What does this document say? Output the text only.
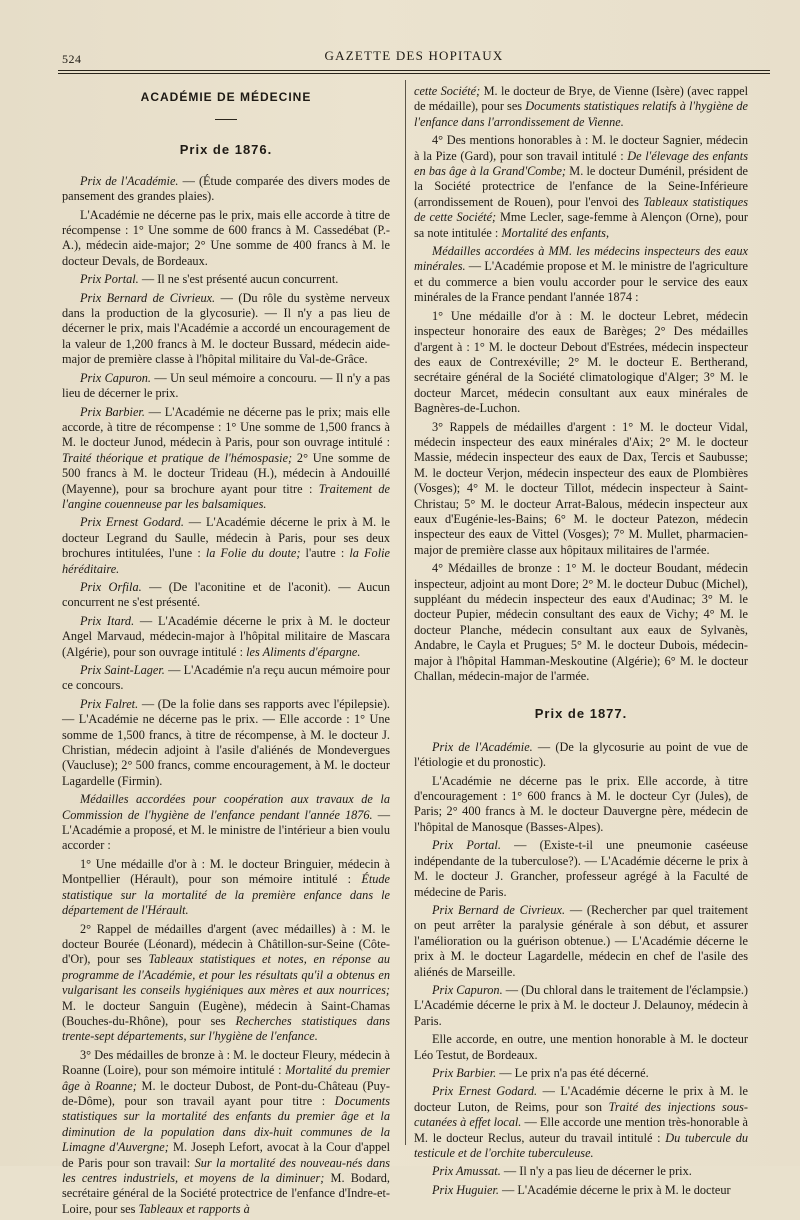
524	GAZETTE DES HOPITAUX
ACADÉMIE DE MÉDECINE
Prix de 1876.

Prix de l'Académie. — (Étude comparée des divers modes de pansement des grandes plaies).

L'Académie ne décerne pas le prix, mais elle accorde à titre de récompense : 1° Une somme de 600 francs à M. Cassedébat (P.-A.), médecin aide-major; 2° Une somme de 400 francs à M. le docteur Devals, de Bordeaux.

Prix Portal. — Il ne s'est présenté aucun concurrent.

Prix Bernard de Civrieux. — (Du rôle du système nerveux dans la production de la glycosurie). — Il n'y a pas lieu de décerner le prix, mais l'Académie a accordé un encouragement de la valeur de 1,200 francs à M. le docteur Bussard, médecin aide-major de première classe à l'hôpital militaire du Val-de-Grâce.

Prix Capuron. — Un seul mémoire a concouru. — Il n'y a pas lieu de décerner le prix.

Prix Barbier. — L'Académie ne décerne pas le prix; mais elle accorde, à titre de récompense : 1° Une somme de 1,500 francs à M. le docteur Junod, médecin à Paris, pour son ouvrage intitulé : Traité théorique et pratique de l'hémospasie; 2° Une somme de 500 francs à M. le docteur Trideau (H.), médecin à Andouillé (Mayenne), pour sa brochure ayant pour titre : Traitement de l'angine couenneuse par les balsamiques.

Prix Ernest Godard. — L'Académie décerne le prix à M. le docteur Legrand du Saulle, médecin à Paris, pour ses deux brochures intitulées, l'une : la Folie du doute; l'autre : la Folie héréditaire.

Prix Orfila. — (De l'aconitine et de l'aconit). — Aucun concurrent ne s'est présenté.

Prix Itard. — L'Académie décerne le prix à M. le docteur Angel Marvaud, médecin-major à l'hôpital militaire de Mascara (Algérie), pour son ouvrage intitulé : les Aliments d'épargne.

Prix Saint-Lager. — L'Académie n'a reçu aucun mémoire pour ce concours.

Prix Falret. — (De la folie dans ses rapports avec l'épilepsie). — L'Académie ne décerne pas le prix. — Elle accorde : 1° Une somme de 1,500 francs, à titre de récompense, à M. le docteur J. Christian, médecin adjoint à l'asile d'aliénés de Mondevergues (Vaucluse); 2° 500 francs, comme encouragement, à M. le docteur Lagardelle (Firmin).

Médailles accordées pour coopération aux travaux de la Commission de l'hygiène de l'enfance pendant l'année 1876. — L'Académie a proposé, et M. le ministre de l'intérieur a bien voulu accorder :

1° Une médaille d'or à : M. le docteur Bringuier, médecin à Montpellier (Hérault), pour son mémoire intitulé : Étude statistique sur la mortalité de la première enfance dans le département de l'Hérault.

2° Rappel de médailles d'argent (avec médailles) à : M. le docteur Bourée (Léonard), médecin à Châtillon-sur-Seine (Côte-d'Or), pour ses Tableaux statistiques et notes, en réponse au programme de l'Académie, et pour les résultats qu'il a obtenus en vulgarisant les conseils hygiéniques aux mères et aux nourrices; M. le docteur Sanguin (Eugène), médecin à Saint-Chamas (Bouches-du-Rhône), pour ses Recherches statistiques dans trente-sept départements, sur l'hygiène de l'enfance.

3° Des médailles de bronze à : M. le docteur Fleury, médecin à Roanne (Loire), pour son mémoire intitulé : Mortalité du premier âge à Roanne; M. le docteur Dubost, de Pont-du-Château (Puy-de-Dôme), pour son travail ayant pour titre : Documents statistiques sur la mortalité des enfants du premier âge et la diminution de la population dans dix-huit communes de la Limagne d'Auvergne; M. Joseph Lefort, avocat à la Cour d'appel de Paris pour son travail: Sur la mortalité des nouveau-nés dans les centres industriels, et moyens de la diminuer; M. Bodard, secrétaire général de la Société protectrice de l'enfance d'Indre-et-Loire, pour ses Tableaux et rapports à

cette Société; M. le docteur de Brye, de Vienne (Isère) (avec rappel de médaille), pour ses Documents statistiques relatifs à l'hygiène de l'enfance dans l'arrondissement de Vienne.

4° Des mentions honorables à : M. le docteur Sagnier, médecin à la Pize (Gard), pour son travail intitulé : De l'élevage des enfants en bas âge à la Grand'Combe; M. le docteur Duménil, président de la Société protectrice de l'enfance de la Seine-Inférieure (arrondissement de Rouen), pour l'envoi des Tableaux statistiques de cette Société; Mme Lecler, sage-femme à Alençon (Orne), pour sa note intitulée : Mortalité des enfants,

Médailles accordées à MM. les médecins inspecteurs des eaux minérales. — L'Académie propose et M. le ministre de l'agriculture et du commerce a bien voulu accorder pour le service des eaux minérales de la France pendant l'année 1874 :

1° Une médaille d'or à : M. le docteur Lebret, médecin inspecteur honoraire des eaux de Barèges; 2° Des médailles d'argent à : 1° M. le docteur Debout d'Estrées, médecin inspecteur des eaux de Contrexéville; 2° M. le docteur E. Bertherand, secrétaire général de la Société climatologique d'Alger; 3° M. le docteur Marcet, médecin consultant aux eaux minérales de Bagnères-de-Luchon.

3° Rappels de médailles d'argent : 1° M. le docteur Vidal, médecin inspecteur des eaux minérales d'Aix; 2° M. le docteur Massie, médecin inspecteur des eaux de Dax, Tercis et Saubusse; M. le docteur Verjon, médecin inspecteur des eaux de Plombières (Vosges); 4° M. le docteur Tillot, médecin inspecteur à Saint-Christau; 5° M. le docteur Arrat-Balous, médecin inspecteur aux eaux d'Eugénie-les-Bains; 6° M. le docteur Patezon, médecin inspecteur des eaux de Vittel (Vosges); 7° M. Mullet, pharmacien-major de première classe aux hôpitaux militaires de l'armée.

4° Médailles de bronze : 1° M. le docteur Boudant, médecin inspecteur, adjoint au mont Dore; 2° M. le docteur Dubuc (Michel), suppléant du médecin inspecteur des eaux d'Audinac; 3° M. le docteur Pupier, médecin consultant des eaux de Vichy; 4° M. le docteur Planche, médecin consultant aux eaux de Sylvanès, Andabre, le Cayla et Prugues; 5° M. le docteur Dubois, médecin-major à l'hôpital Hamman-Meskoutine (Algérie); 6° M. le docteur Challan, médecin-major de l'armée.

Prix de 1877.

Prix de l'Académie. — (De la glycosurie au point de vue de l'étiologie et du pronostic).

L'Académie ne décerne pas le prix. Elle accorde, à titre d'encouragement : 1° 600 francs à M. le docteur Cyr (Jules), de Paris; 2° 400 francs à M. le docteur Dauvergne père, médecin de l'hôpital de Manosque (Basses-Alpes).

Prix Portal. — (Existe-t-il une pneumonie caséeuse indépendante de la tuberculose?). — L'Académie décerne le prix à M. le docteur J. Grancher, professeur agrégé à la Faculté de médecine de Paris.

Prix Bernard de Civrieux. — (Rechercher par quel traitement on peut arrêter la paralysie générale à son début, et assurer l'amélioration ou la guérison obtenue.) — L'Académie décerne le prix à M. le docteur Lagardelle, médecin en chef de l'asile des aliénés de Marseille.

Prix Capuron. — (Du chloral dans le traitement de l'éclampsie.) L'Académie décerne le prix à M. le docteur J. Delaunoy, médecin à Paris.

Elle accorde, en outre, une mention honorable à M. le docteur Léo Testut, de Bordeaux.

Prix Barbier. — Le prix n'a pas été décerné.

Prix Ernest Godard. — L'Académie décerne le prix à M. le docteur Luton, de Reims, pour son Traité des injections sous-cutanées à effet local. — Elle accorde une mention très-honorable à M. le docteur Reclus, auteur du travail intitulé : Du tubercule du testicule et de l'orchite tuberculeuse.

Prix Amussat. — Il n'y a pas lieu de décerner le prix.

Prix Huguier. — L'Académie décerne le prix à M. le docteur
